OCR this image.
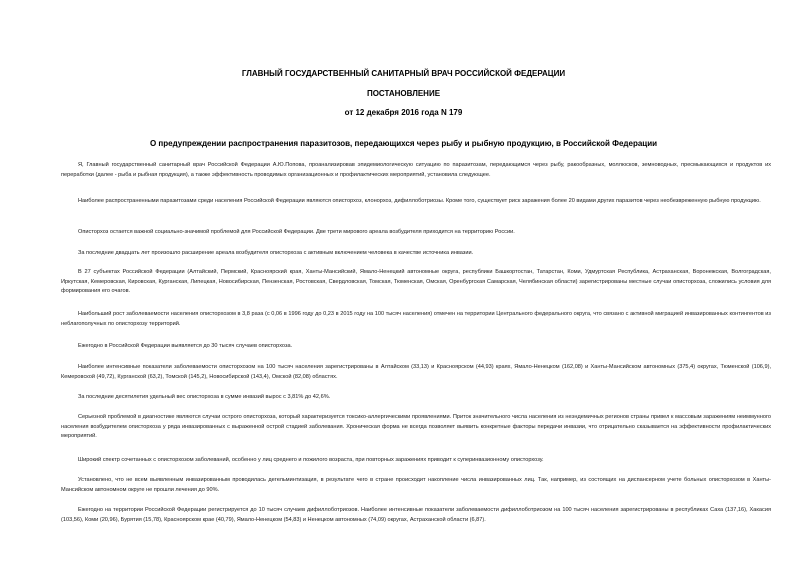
ГЛАВНЫЙ ГОСУДАРСТВЕННЫЙ САНИТАРНЫЙ ВРАЧ РОССИЙСКОЙ ФЕДЕРАЦИИ
ПОСТАНОВЛЕНИЕ
от 12 декабря 2016 года N 179
О предупреждении распространения паразитозов, передающихся через рыбу и рыбную продукцию, в Российской Федерации

Я, Главный государственный санитарный врач Российской Федерации А.Ю.Попова, проанализировав эпидемиологическую ситуацию по паразитозам, передающимся через рыбу, ракообразных, моллюсков, земноводных, пресмыкающихся и продуктов их переработки (далее - рыба и рыбная продукция), а также эффективность проводимых организационных и профилактических мероприятий, установила следующее.

Наиболее распространенными паразитозами среди населения Российской Федерации являются описторхоз, клонорхоз, дифиллоботриозы. Кроме того, существует риск заражения более 20 видами других паразитов через необезвреженную рыбную продукцию.

Описторхоз остается важной социально-значимой проблемой для Российской Федерации. Две трети мирового ареала возбудителя приходится на территорию России.

За последние двадцать лет произошло расширение ареала возбудителя описторхоза с активным включением человека в качестве источника инвазии.

В 27 субъектах Российской Федерации (Алтайский, Пермский, Красноярский края, Ханты-Мансийский, Ямало-Ненецкий автономные округа, республики Башкортостан, Татарстан, Коми, Удмуртская Республика, Астраханская, Воронежская, Волгоградская, Иркутская, Кемеровская, Кировская, Курганская, Липецкая, Новосибирская, Пензенская, Ростовская, Свердловская, Томская, Тюменская, Омская, Оренбургская Самарская, Челябинская области) зарегистрированы местные случаи описторхоза, сложились условия для формирования его очагов.

Наибольший рост заболеваемости населения описторхозом в 3,8 раза (с 0,06 в 1996 году до 0,23 в 2015 году на 100 тысяч населения) отмечен на территории Центрального федерального округа, что связано с активной миграцией инвазированных контингентов из неблагополучных по описторхозу территорий.

Ежегодно в Российской Федерации выявляется до 30 тысяч случаев описторхоза.

Наиболее интенсивные показатели заболеваемости описторхозом на 100 тысяч населения зарегистрированы в Алтайском (33,13) и Красноярском (44,93) краях, Ямало-Ненецком (162,08) и Ханты-Мансийском автономных (375,4) округах, Тюменской (106,9), Кемеровской (49,72), Курганской (63,2), Томской (145,2), Новосибирской (143,4), Омской (82,08) областях.

За последние десятилетия удельный вес описторхоза в сумме инвазий вырос с 3,81% до 42,6%.

Серьезной проблемой в диагностике являются случаи острого описторхоза, который характеризуется токсико-аллергическими проявлениями. Приток значительного числа населения из неэндемичных регионов страны привел к массовым заражениям неиммунного населения возбудителем описторхоза у ряда инвазированных с выраженной острой стадией заболевания. Хроническая форма не всегда позволяет выявить конкретные факторы передачи инвазии, что отрицательно сказывается на эффективности профилактических мероприятий.

Широкий спектр сочетанных с описторхозом заболеваний, особенно у лиц среднего и пожилого возраста, при повторных заражениях приводит к суперинвазионному описторхозу.

Установлено, что не всем выявленным инвазированным проводилась дегельминтизация, в результате чего в стране происходит накопление числа инвазированных лиц. Так, например, из состоящих на диспансерном учете больных описторхозом в Ханты-Мансийском автономном округе не прошли лечения до 90%.

Ежегодно на территории Российской Федерации регистрируется до 10 тысяч случаев дифиллоботриозов. Наиболее интенсивные показатели заболеваемости дифиллоботриозом на 100 тысяч населения зарегистрированы в республиках Саха (137,16), Хакасия (103,56), Коми (20,96), Бурятия (15,78), Красноярском крае (40,79), Ямало-Ненецком (54,83) и Ненецком автономных (74,09) округах, Астраханской области (6,87).
